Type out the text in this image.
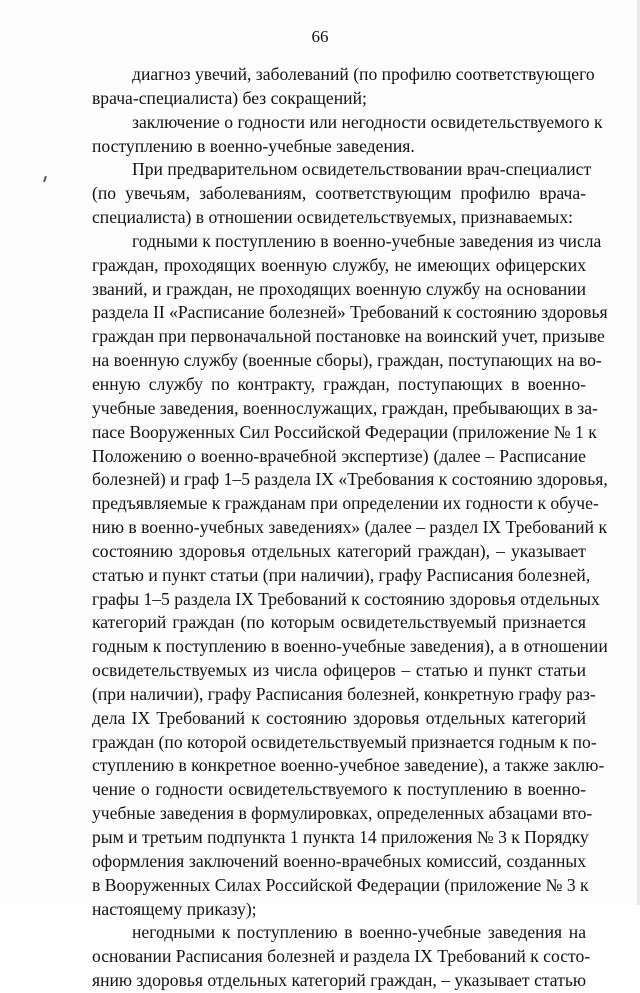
66
диагноз увечий, заболеваний (по профилю соответствующего
врача-специалиста) без сокращений;
заключение о годности или негодности освидетельствуемого к
поступлению в военно-учебные заведения.
При предварительном освидетельствовании врач-специалист
(по увечьям, заболеваниям, соответствующим профилю врача-
специалиста) в отношении освидетельствуемых, признаваемых:
годными к поступлению в военно-учебные заведения из числа
граждан, проходящих военную службу, не имеющих офицерских
званий, и граждан, не проходящих военную службу на основании
раздела II «Расписание болезней» Требований к состоянию здоровья
граждан при первоначальной постановке на воинский учет, призыве
на военную службу (военные сборы), граждан, поступающих на во-
енную службу по контракту, граждан, поступающих в военно-
учебные заведения, военнослужащих, граждан, пребывающих в за-
пасе Вооруженных Сил Российской Федерации (приложение № 1 к
Положению о военно-врачебной экспертизе) (далее – Расписание
болезней) и граф 1–5 раздела IX «Требования к состоянию здоровья,
предъявляемые к гражданам при определении их годности к обуче-
нию в военно-учебных заведениях» (далее – раздел IX Требований к
состоянию здоровья отдельных категорий граждан), – указывает
статью и пункт статьи (при наличии), графу Расписания болезней,
графы 1–5 раздела IX Требований к состоянию здоровья отдельных
категорий граждан (по которым освидетельствуемый признается
годным к поступлению в военно-учебные заведения), а в отношении
освидетельствуемых из числа офицеров – статью и пункт статьи
(при наличии), графу Расписания болезней, конкретную графу раз-
дела IX Требований к состоянию здоровья отдельных категорий
граждан (по которой освидетельствуемый признается годным к по-
ступлению в конкретное военно-учебное заведение), а также заклю-
чение о годности освидетельствуемого к поступлению в военно-
учебные заведения в формулировках, определенных абзацами вто-
рым и третьим подпункта 1 пункта 14 приложения № 3 к Порядку
оформления заключений военно-врачебных комиссий, созданных
в Вооруженных Силах Российской Федерации (приложение № 3 к
настоящему приказу);
негодными к поступлению в военно-учебные заведения на
основании Расписания болезней и раздела IX Требований к состо-
янию здоровья отдельных категорий граждан, – указывает статью
